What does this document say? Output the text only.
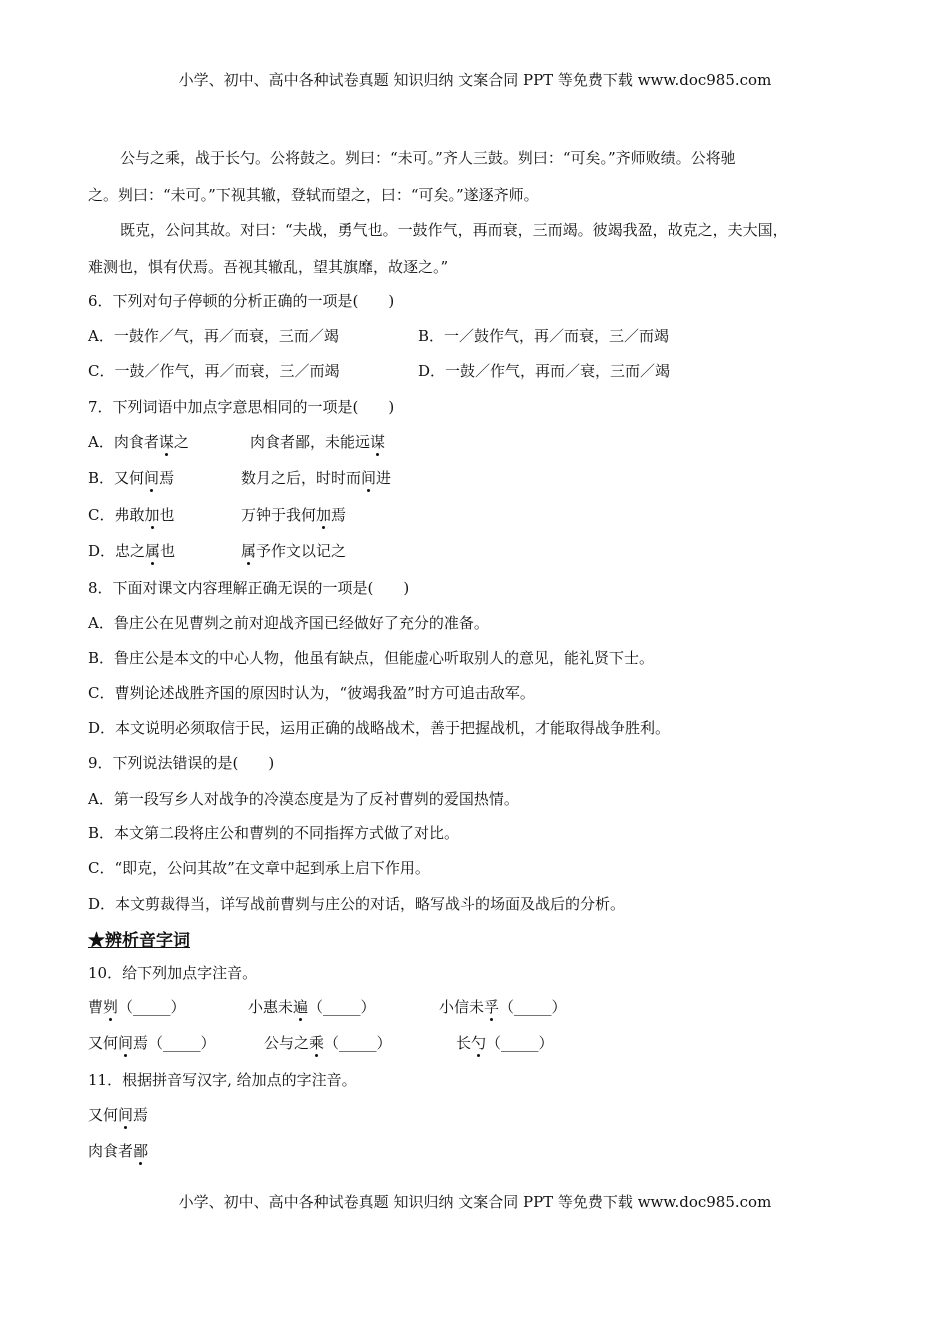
小学、初中、高中各种试卷真题 知识归纳 文案合同 PPT 等免费下载 www.doc985.com
公与之乘，战于长勺。公将鼓之。刿曰：“未可。”齐人三鼓。刿曰：“可矣。”齐师败绩。公将驰
之。刿曰：“未可。”下视其辙，登轼而望之，曰：“可矣。”遂逐齐师。
既克，公问其故。对曰：“夫战，勇气也。一鼓作气，再而衰，三而竭。彼竭我盈，故克之，夫大国，
难测也，惧有伏焉。吾视其辙乱，望其旗靡，故逐之。”
6．下列对句子停顿的分析正确的一项是(　　)
A．一鼓作／气，再／而衰，三而／竭	B．一／鼓作气，再／而衰，三／而竭
C．一鼓／作气，再／而衰，三／而竭	D．一鼓／作气，再而／衰，三而／竭
7．下列词语中加点字意思相同的一项是(　　)
A．肉食者谋之	肉食者鄙，未能远谋
B．又何间焉	数月之后，时时而间进
C．弗敢加也	万钟于我何加焉
D．忠之属也	属予作文以记之
8．下面对课文内容理解正确无误的一项是(　　)
A．鲁庄公在见曹刿之前对迎战齐国已经做好了充分的准备。
B．鲁庄公是本文的中心人物，他虽有缺点，但能虚心听取别人的意见，能礼贤下士。
C．曹刿论述战胜齐国的原因时认为，“彼竭我盈”时方可追击敌军。
D．本文说明必须取信于民，运用正确的战略战术，善于把握战机，才能取得战争胜利。
9．下列说法错误的是(　　)
A．第一段写乡人对战争的冷漠态度是为了反衬曹刿的爱国热情。
B．本文第二段将庄公和曹刿的不同指挥方式做了对比。
C．“即克，公问其故”在文章中起到承上启下作用。
D．本文剪裁得当，详写战前曹刿与庄公的对话，略写战斗的场面及战后的分析。
★辨析音字词
10．给下列加点字注音。
曹刿（_____）	小惠未遍（_____）	小信未孚（_____）
又何间焉（_____）	公与之乘（_____）	长勺（_____）
11．根据拼音写汉字, 给加点的字注音。
又何间焉
肉食者鄙
小学、初中、高中各种试卷真题 知识归纳 文案合同 PPT 等免费下载 www.doc985.com
